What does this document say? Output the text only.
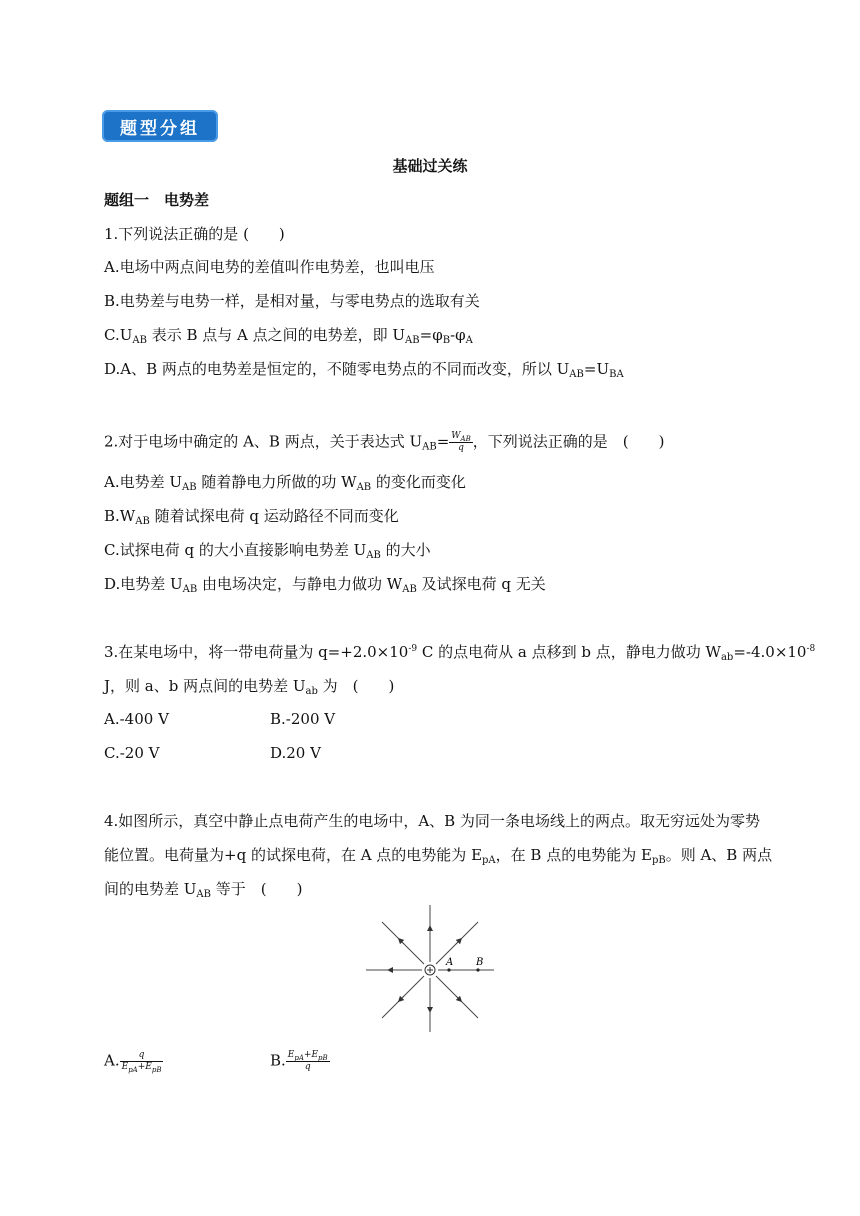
题型分组
基础过关练
题组一　电势差
1.下列说法正确的是 (　　)
A.电场中两点间电势的差值叫作电势差，也叫电压
B.电势差与电势一样，是相对量，与零电势点的选取有关
$C.U_{AB}$ 表示 B 点与 A 点之间的电势差，即 $U_{AB}=\varphi_B-\varphi_A$
D.A、B 两点的电势差是恒定的，不随零电势点的不同而改变，所以 $U_{AB}=U_{BA}$
2.对于电场中确定的 A、B 两点，关于表达式 $U_{AB}= \frac{W_{AB}}{q}$ ，下列说法正确的是　(　　)
A.电势差 $U_{AB}$ 随着静电力所做的功 $W_{AB}$ 的变化而变化
$B.W_{AB}$ 随着试探电荷 q 运动路径不同而变化
C.试探电荷 q 的大小直接影响电势差 $U_{AB}$ 的大小
D.电势差 $U_{AB}$ 由电场决定，与静电力做功 $W_{AB}$ 及试探电荷 q 无关
3.在某电场中，将一带电荷量为 $q=+2.0\times 10^{-9}$ C 的点电荷从 a 点移到 b 点，静电力做功 $W_{ab}=-4.0\times 10^{-8}$
J，则 a、b 两点间的电势差 $U_{ab}$ 为　(　　)
A.-400 V	B.-200 V
C.-20 V	D.20 V
4.如图所示，真空中静止点电荷产生的电场中，A、B 为同一条电场线上的两点。取无穷远处为零势
能位置。电荷量为+q 的试探电荷，在 A 点的电势能为 $E_{pA}$，在 B 点的电势能为 $E_{pB}$。则 A、B 两点
间的电势差 $U_{AB}$ 等于　(　　)
A B
A. $\frac{q}{E_{pA}+E_{pB}}$	B. $\frac{E_{pA}+E_{pB}}{q}$
